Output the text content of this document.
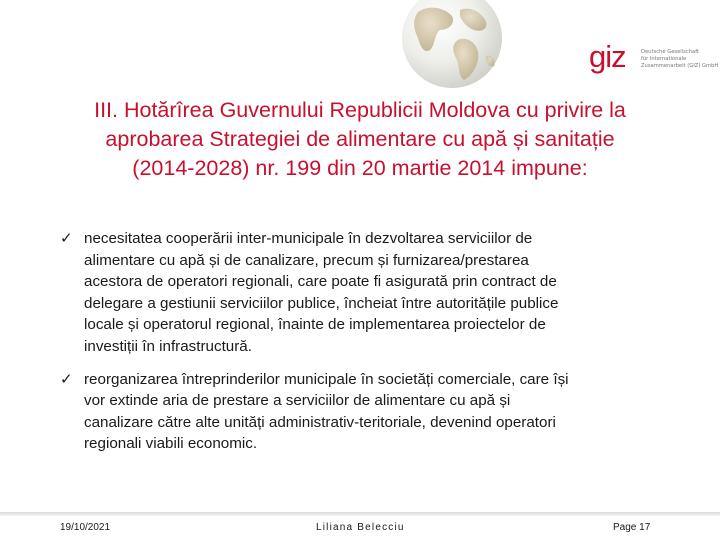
giz	Deutsche Gesellschaft
für Internationale
Zusammenarbeit (GIZ) GmbH
III. Hotărîrea Guvernului Republicii Moldova cu privire la
aprobarea Strategiei de alimentare cu apă și sanitație
(2014-2028) nr. 199 din 20 martie 2014 impune:
✓ necesitatea cooperării inter-municipale în dezvoltarea serviciilor de
alimentare cu apă și de canalizare, precum și furnizarea/prestarea
acestora de operatori regionali, care poate fi asigurată prin contract de
delegare a gestiunii serviciilor publice, încheiat între autoritățile publice
locale și operatorul regional, înainte de implementarea proiectelor de
investiții în infrastructură.
✓ reorganizarea întreprinderilor municipale în societăți comerciale, care își
vor extinde aria de prestare a serviciilor de alimentare cu apă și
canalizare către alte unități administrativ-teritoriale, devenind operatori
regionali viabili economic.
19/10/2021	Liliana Belecciu	Page 17
